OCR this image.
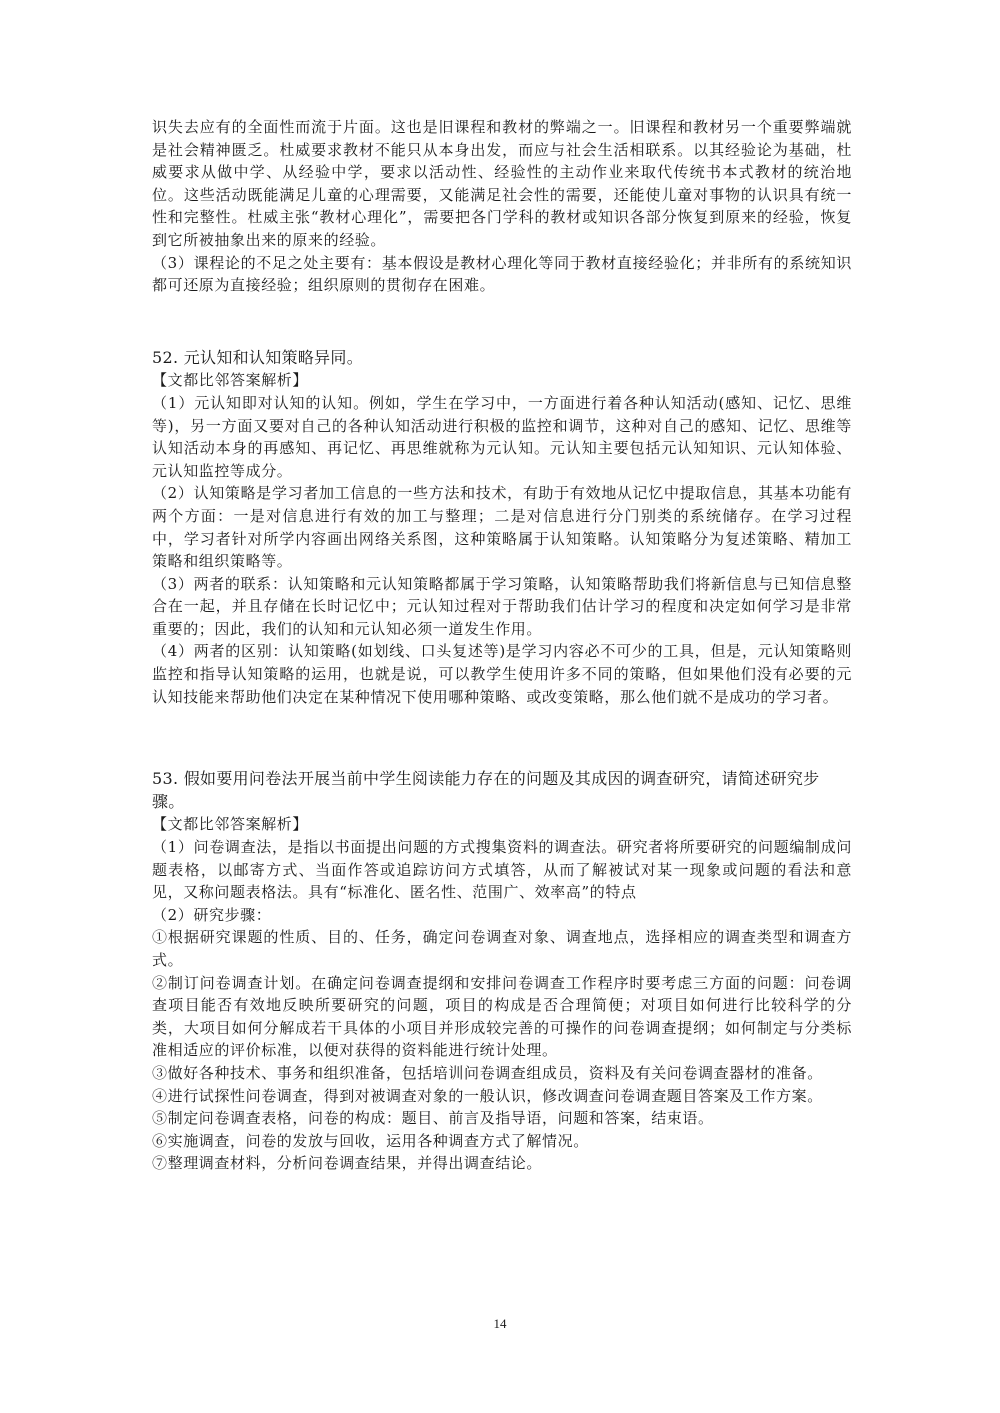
识失去应有的全面性而流于片面。这也是旧课程和教材的弊端之一。旧课程和教材另一个重要弊端就是社会精神匮乏。杜威要求教材不能只从本身出发，而应与社会生活相联系。以其经验论为基础，杜威要求从做中学、从经验中学，要求以活动性、经验性的主动作业来取代传统书本式教材的统治地位。这些活动既能满足儿童的心理需要，又能满足社会性的需要，还能使儿童对事物的认识具有统一性和完整性。杜威主张“教材心理化”，需要把各门学科的教材或知识各部分恢复到原来的经验，恢复到它所被抽象出来的原来的经验。

（3）课程论的不足之处主要有：基本假设是教材心理化等同于教材直接经验化；并非所有的系统知识都可还原为直接经验；组织原则的贯彻存在困难。

52. 元认知和认知策略异同。

【文都比邻答案解析】

（1）元认知即对认知的认知。例如，学生在学习中，一方面进行着各种认知活动(感知、记忆、思维等)，另一方面又要对自己的各种认知活动进行积极的监控和调节，这种对自己的感知、记忆、思维等认知活动本身的再感知、再记忆、再思维就称为元认知。元认知主要包括元认知知识、元认知体验、元认知监控等成分。

（2）认知策略是学习者加工信息的一些方法和技术，有助于有效地从记忆中提取信息，其基本功能有两个方面：一是对信息进行有效的加工与整理；二是对信息进行分门别类的系统储存。在学习过程中，学习者针对所学内容画出网络关系图，这种策略属于认知策略。认知策略分为复述策略、精加工策略和组织策略等。

（3）两者的联系：认知策略和元认知策略都属于学习策略，认知策略帮助我们将新信息与已知信息整合在一起，并且存储在长时记忆中；元认知过程对于帮助我们估计学习的程度和决定如何学习是非常重要的；因此，我们的认知和元认知必须一道发生作用。

（4）两者的区别：认知策略(如划线、口头复述等)是学习内容必不可少的工具，但是，元认知策略则监控和指导认知策略的运用，也就是说，可以教学生使用许多不同的策略，但如果他们没有必要的元认知技能来帮助他们决定在某种情况下使用哪种策略、或改变策略，那么他们就不是成功的学习者。

53. 假如要用问卷法开展当前中学生阅读能力存在的问题及其成因的调查研究，请简述研究步骤。

【文都比邻答案解析】

（1）问卷调查法，是指以书面提出问题的方式搜集资料的调查法。研究者将所要研究的问题编制成问题表格，以邮寄方式、当面作答或追踪访问方式填答，从而了解被试对某一现象或问题的看法和意见，又称问题表格法。具有“标准化、匿名性、范围广、效率高”的特点

（2）研究步骤：

①根据研究课题的性质、目的、任务，确定问卷调查对象、调查地点，选择相应的调查类型和调查方式。

②制订问卷调查计划。在确定问卷调查提纲和安排问卷调查工作程序时要考虑三方面的问题：问卷调查项目能否有效地反映所要研究的问题，项目的构成是否合理简便；对项目如何进行比较科学的分类，大项目如何分解成若干具体的小项目并形成较完善的可操作的问卷调查提纲；如何制定与分类标准相适应的评价标准，以便对获得的资料能进行统计处理。

③做好各种技术、事务和组织准备，包括培训问卷调查组成员，资料及有关问卷调查器材的准备。

④进行试探性问卷调查，得到对被调查对象的一般认识，修改调查问卷调查题目答案及工作方案。

⑤制定问卷调查表格，问卷的构成：题目、前言及指导语，问题和答案，结束语。

⑥实施调查，问卷的发放与回收，运用各种调查方式了解情况。

⑦整理调查材料，分析问卷调查结果，并得出调查结论。

14
